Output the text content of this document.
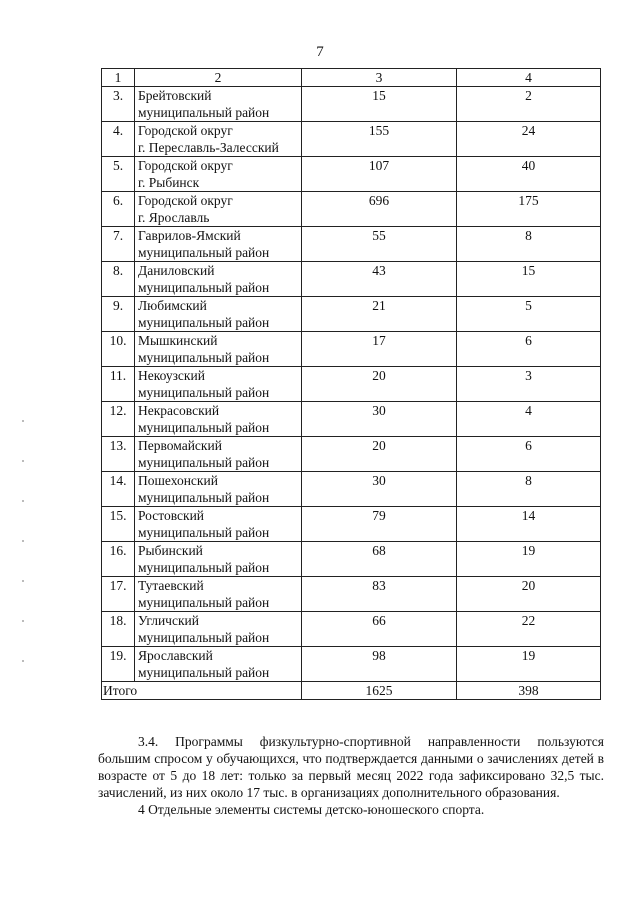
7
1	2	3	4
3.	Брейтовский
муниципальный район	15	2
4.	Городской округ
г. Переславль-Залесский	155	24
5.	Городской округ
г. Рыбинск	107	40
6.	Городской округ
г. Ярославль	696	175
7.	Гаврилов-Ямский
муниципальный район	55	8
8.	Даниловский
муниципальный район	43	15
9.	Любимский
муниципальный район	21	5
10.	Мышкинский
муниципальный район	17	6
11.	Некоузский
муниципальный район	20	3
12.	Некрасовский
муниципальный район	30	4
13.	Первомайский
муниципальный район	20	6
14.	Пошехонский
муниципальный район	30	8
15.	Ростовский
муниципальный район	79	14
16.	Рыбинский
муниципальный район	68	19
17.	Тутаевский
муниципальный район	83	20
18.	Угличский
муниципальный район	66	22
19.	Ярославский
муниципальный район	98	19
Итого		1625	398

3.4. Программы физкультурно-спортивной направленности пользуются большим спросом у обучающихся, что подтверждается данными о зачислениях детей в возрасте от 5 до 18 лет: только за первый месяц 2022 года зафиксировано 32,5 тыс. зачислений, из них около 17 тыс. в организациях дополнительного образования.

4 Отдельные элементы системы детско-юношеского спорта.
